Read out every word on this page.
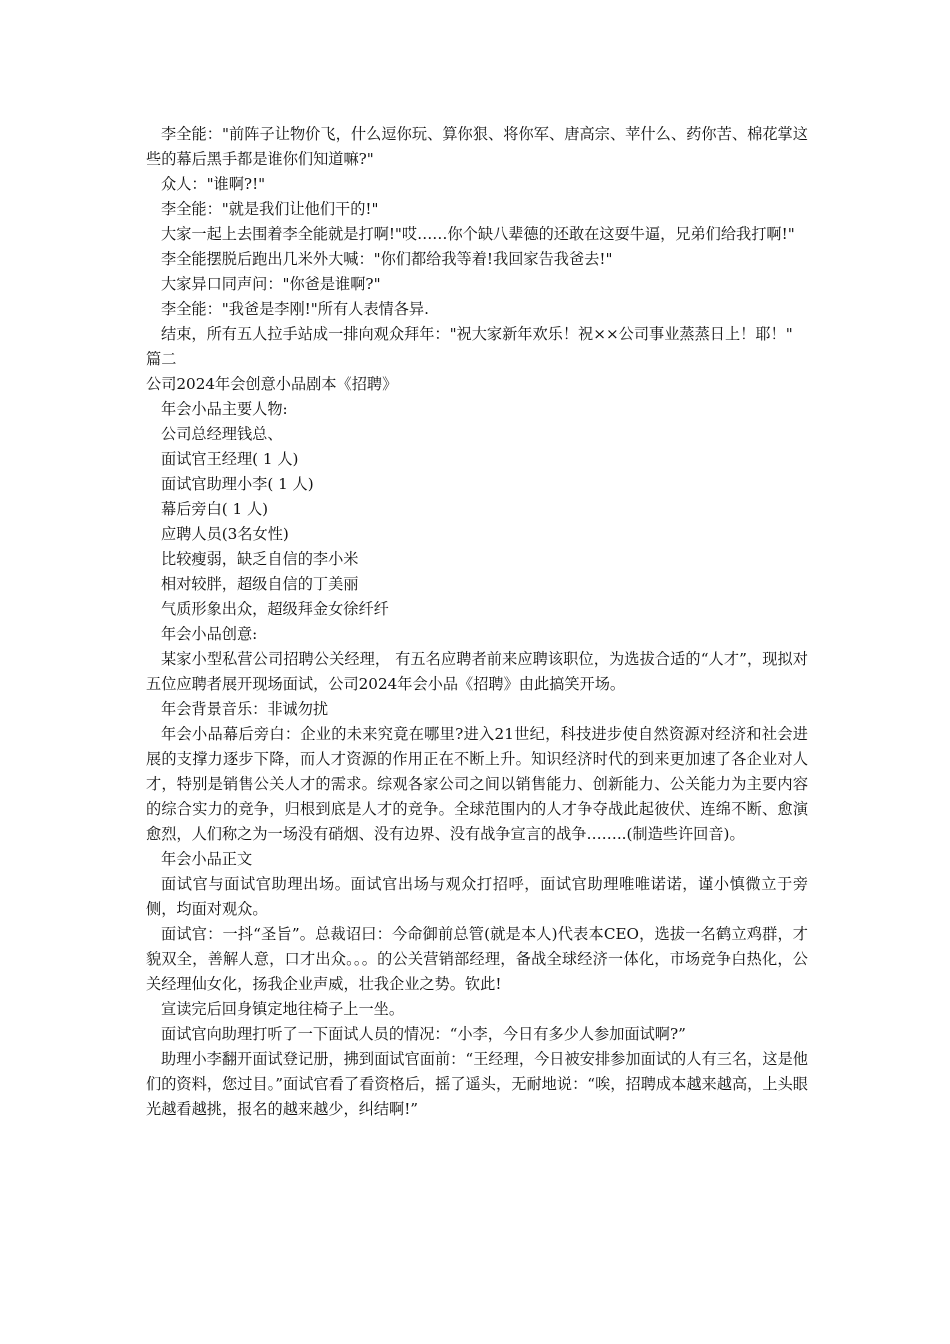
李全能："前阵子让物价飞，什么逗你玩、算你狠、将你军、唐高宗、苹什么、药你苦、棉花掌这些的幕后黑手都是谁你们知道嘛?"

众人："谁啊?!"

李全能："就是我们让他们干的!"

大家一起上去围着李全能就是打啊!"哎……你个缺八辈德的还敢在这耍牛逼，兄弟们给我打啊!"

李全能摆脱后跑出几米外大喊："你们都给我等着!我回家告我爸去!"

大家异口同声问："你爸是谁啊?"

李全能："我爸是李刚!"所有人表情各异.

结束，所有五人拉手站成一排向观众拜年："祝大家新年欢乐！祝××公司事业蒸蒸日上！耶！"

篇二

公司2024年会创意小品剧本《招聘》

年会小品主要人物:

公司总经理钱总、

面试官王经理( 1 人)

面试官助理小李( 1 人)

幕后旁白( 1 人)

应聘人员(3名女性)

比较瘦弱，缺乏自信的李小米

相对较胖，超级自信的丁美丽

气质形象出众，超级拜金女徐纤纤

年会小品创意:

某家小型私营公司招聘公关经理， 有五名应聘者前来应聘该职位，为选拔合适的“人才”，现拟对五位应聘者展开现场面试，公司2024年会小品《招聘》由此搞笑开场。

年会背景音乐：非诚勿扰

年会小品幕后旁白：企业的未来究竟在哪里?进入21世纪，科技进步使自然资源对经济和社会进展的支撑力逐步下降，而人才资源的作用正在不断上升。知识经济时代的到来更加速了各企业对人才，特别是销售公关人才的需求。综观各家公司之间以销售能力、创新能力、公关能力为主要内容的综合实力的竞争，归根到底是人才的竞争。全球范围内的人才争夺战此起彼伏、连绵不断、愈演愈烈，人们称之为一场没有硝烟、没有边界、没有战争宣言的战争……..(制造些许回音)。

年会小品正文

面试官与面试官助理出场。面试官出场与观众打招呼，面试官助理唯唯诺诺，谨小慎微立于旁侧，均面对观众。

面试官：一抖“圣旨”。总裁诏曰：今命御前总管(就是本人)代表本CEO，选拔一名鹤立鸡群，才貌双全，善解人意，口才出众。。。的公关营销部经理，备战全球经济一体化，市场竞争白热化，公关经理仙女化，扬我企业声威，壮我企业之势。钦此!

宣读完后回身镇定地往椅子上一坐。

面试官向助理打听了一下面试人员的情况：“小李，今日有多少人参加面试啊?”

助理小李翻开面试登记册，拂到面试官面前：“王经理，今日被安排参加面试的人有三名，这是他们的资料，您过目。”面试官看了看资格后，摇了遥头，无耐地说：“唉，招聘成本越来越高，上头眼光越看越挑，报名的越来越少，纠结啊!”
